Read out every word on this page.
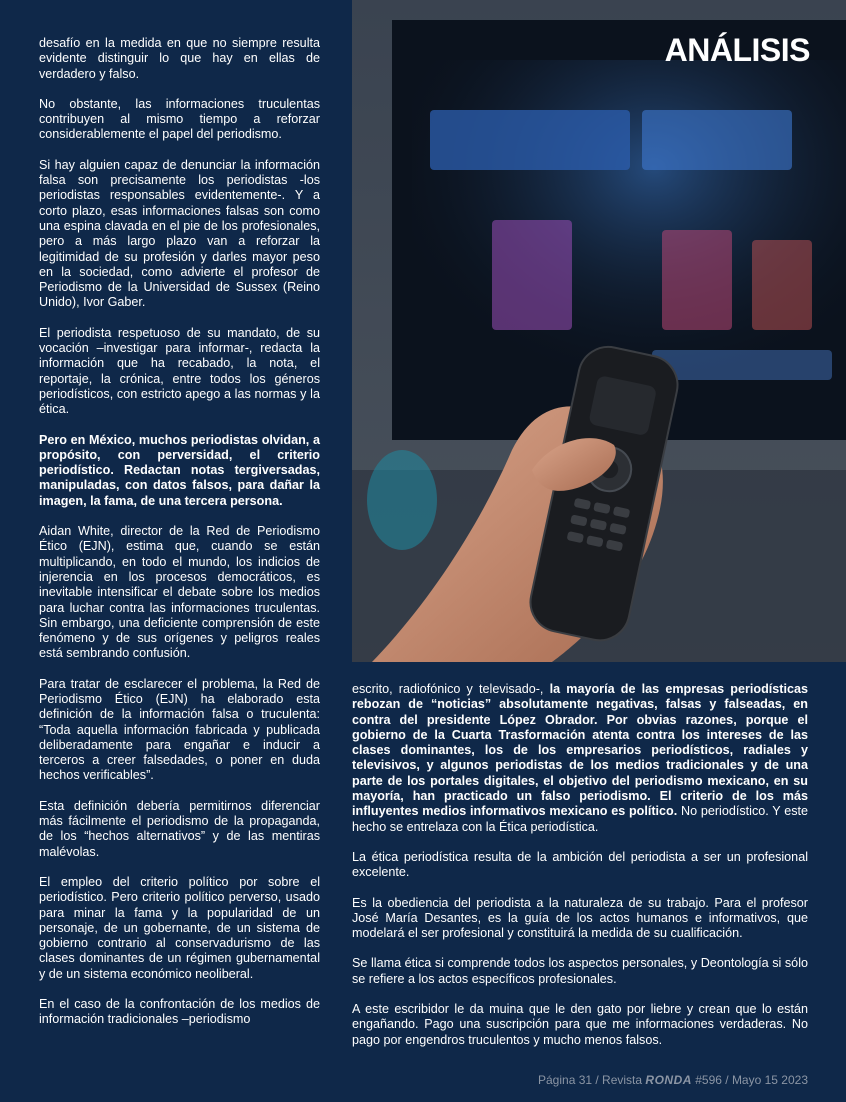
desafío en la medida en que no siempre resulta evidente distinguir lo que hay en ellas de verdadero y falso.

No obstante, las informaciones truculentas contribuyen al mismo tiempo a reforzar considerablemente el papel del periodismo.

Si hay alguien capaz de denunciar la información falsa son precisamente los periodistas -los periodistas responsables evidentemente-. Y a corto plazo, esas informaciones falsas son como una espina clavada en el pie de los profesionales, pero a más largo plazo van a reforzar la legitimidad de su profesión y darles mayor peso en la sociedad, como advierte el profesor de Periodismo de la Universidad de Sussex (Reino Unido), Ivor Gaber.

El periodista respetuoso de su mandato, de su vocación –investigar para informar-, redacta la información que ha recabado, la nota, el reportaje, la crónica, entre todos los géneros periodísticos, con estricto apego a las normas y la ética.

Pero en México, muchos periodistas olvidan, a propósito, con perversidad, el criterio periodístico. Redactan notas tergiversadas, manipuladas, con datos falsos, para dañar la imagen, la fama, de una tercera persona.

Aidan White, director de la Red de Periodismo Ético (EJN), estima que, cuando se están multiplicando, en todo el mundo, los indicios de injerencia en los procesos democráticos, es inevitable intensificar el debate sobre los medios para luchar contra las informaciones truculentas. Sin embargo, una deficiente comprensión de este fenómeno y de sus orígenes y peligros reales está sembrando confusión.

Para tratar de esclarecer el problema, la Red de Periodismo Ético (EJN) ha elaborado esta definición de la información falsa o truculenta: “Toda aquella información fabricada y publicada deliberadamente para engañar e inducir a terceros a creer falsedades, o poner en duda hechos verificables”.

Esta definición debería permitirnos diferenciar más fácilmente el periodismo de la propaganda, de los “hechos alternativos” y de las mentiras malévolas.

El empleo del criterio político por sobre el periodístico. Pero criterio político perverso, usado para minar la fama y la popularidad de un personaje, de un gobernante, de un sistema de gobierno contrario al conservadurismo de las clases dominantes de un régimen gubernamental y de un sistema económico neoliberal.

En el caso de la confrontación de los medios de información tradicionales –periodismo

ANÁLISIS

escrito, radiofónico y televisado-, la mayoría de las empresas periodísticas rebozan de “noticias” absolutamente negativas, falsas y falseadas, en contra del presidente López Obrador. Por obvias razones, porque el gobierno de la Cuarta Trasformación atenta contra los intereses de las clases dominantes, los de los empresarios periodísticos, radiales y televisivos, y algunos periodistas de los medios tradicionales y de una parte de los portales digitales, el objetivo del periodismo mexicano, en su mayoría, han practicado un falso periodismo. El criterio de los más influyentes medios informativos mexicano es político. No periodístico. Y este hecho se entrelaza con la Ética periodística.

La ética periodística resulta de la ambición del periodista a ser un profesional excelente.

Es la obediencia del periodista a la naturaleza de su trabajo. Para el profesor José María Desantes, es la guía de los actos humanos e informativos, que modelará el ser profesional y constituirá la medida de su cualificación.

Se llama ética si comprende todos los aspectos personales, y Deontología si sólo se refiere a los actos específicos profesionales.

A este escribidor le da muina que le den gato por liebre y crean que lo están engañando. Pago una suscripción para que me informaciones verdaderas. No pago por engendros truculentos y mucho menos falsos.

Página 31 / Revista RONDA #596 / Mayo 15 2023
